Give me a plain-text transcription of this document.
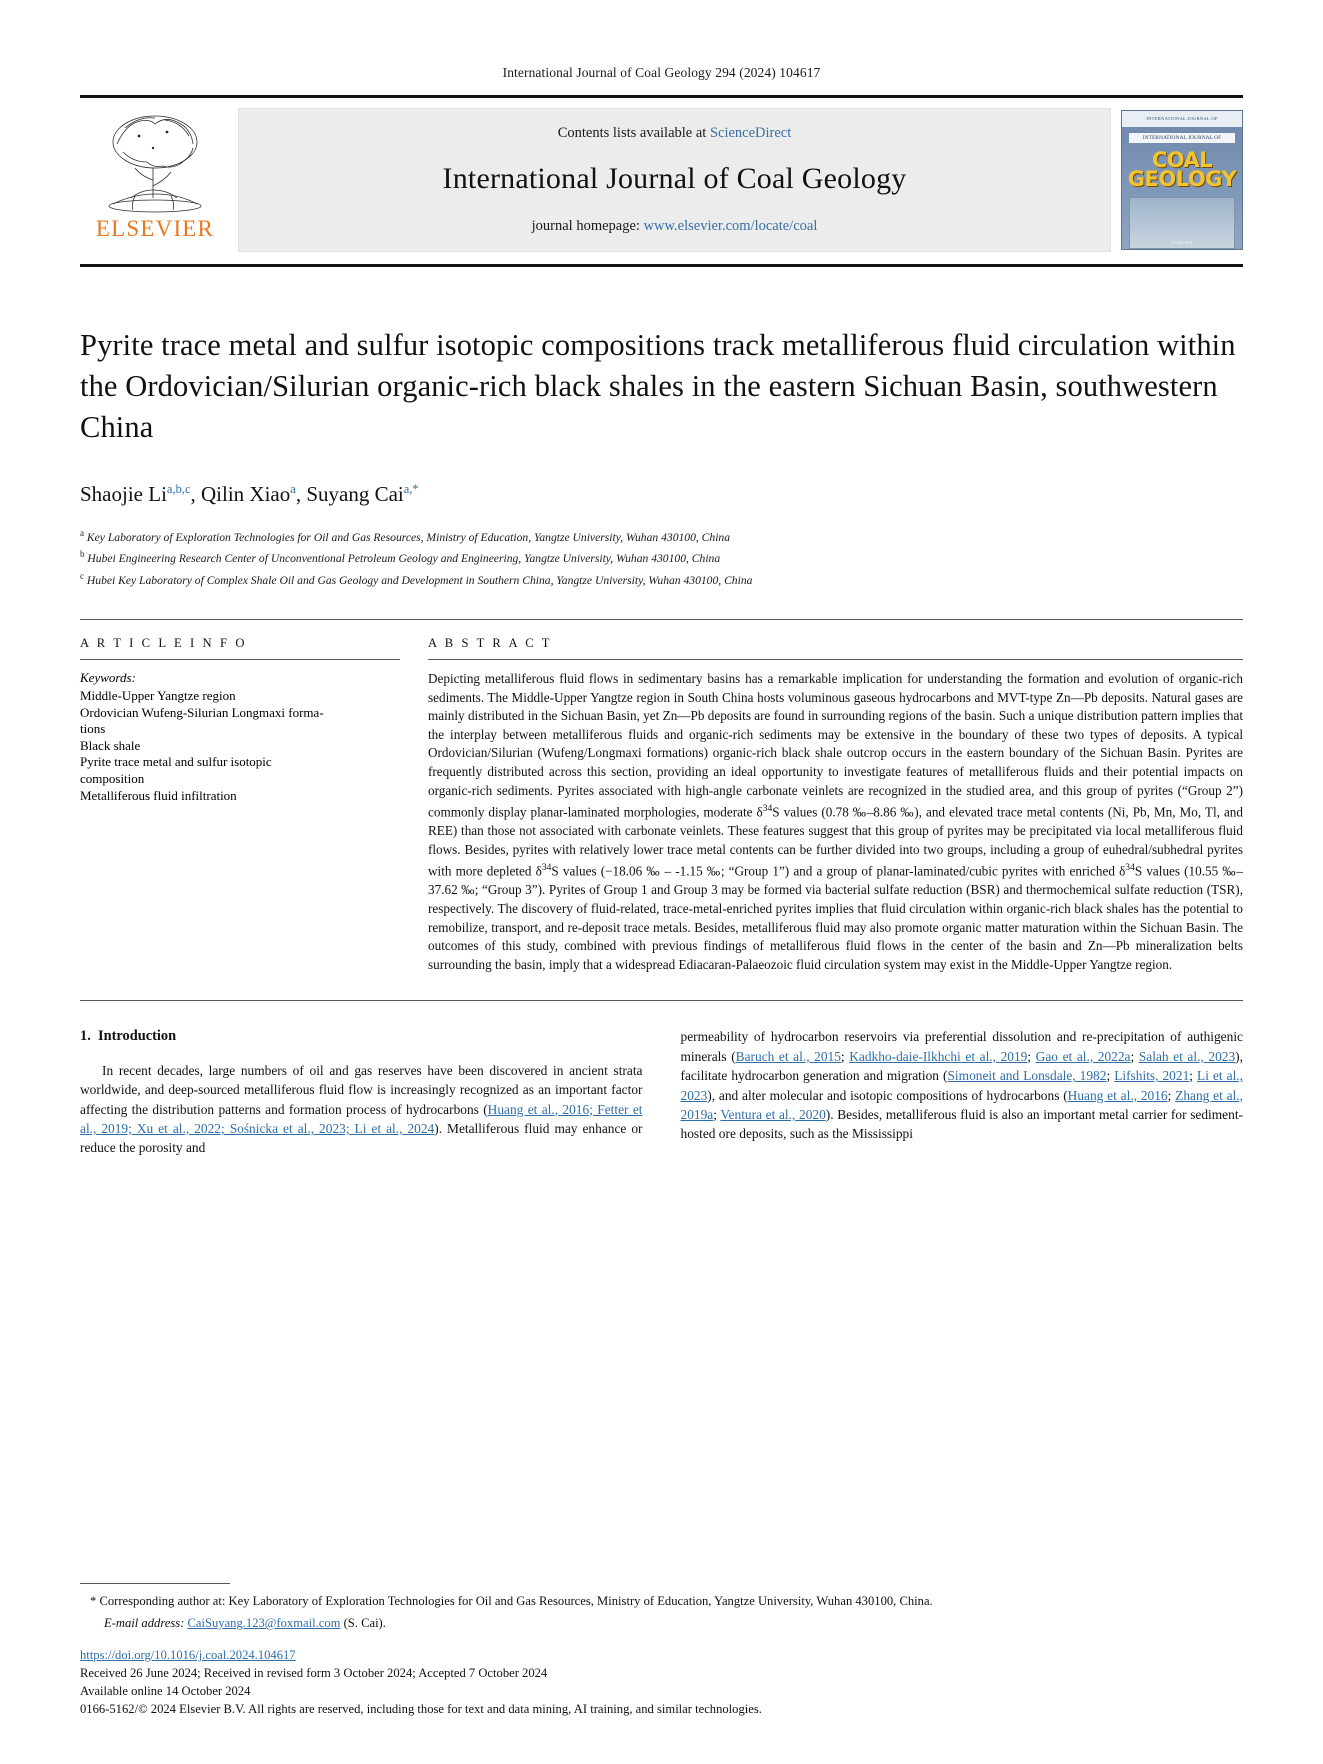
International Journal of Coal Geology 294 (2024) 104617
ELSEVIER
Contents lists available at ScienceDirect
International Journal of Coal Geology
journal homepage: www.elsevier.com/locate/coal
INTERNATIONAL JOURNAL OF
INTERNATIONAL JOURNAL OF
COAL
GEOLOGY
ELSEVIER
Pyrite trace metal and sulfur isotopic compositions track metalliferous fluid circulation within the Ordovician/Silurian organic-rich black shales in the eastern Sichuan Basin, southwestern China
Shaojie Li$^{a,b,c}$, Qilin Xiao$^a$, Suyang Cai$^{a,*}$
$^a$ Key Laboratory of Exploration Technologies for Oil and Gas Resources, Ministry of Education, Yangtze University, Wuhan 430100, China
$^b$ Hubei Engineering Research Center of Unconventional Petroleum Geology and Engineering, Yangtze University, Wuhan 430100, China
$^c$ Hubei Key Laboratory of Complex Shale Oil and Gas Geology and Development in Southern China, Yangtze University, Wuhan 430100, China
A R T I C L E I N F O
Keywords:
Middle-Upper Yangtze region
Ordovician Wufeng-Silurian Longmaxi forma-
tions
Black shale
Pyrite trace metal and sulfur isotopic
composition
Metalliferous fluid infiltration
A B S T R A C T
Depicting metalliferous fluid flows in sedimentary basins has a remarkable implication for understanding the formation and evolution of organic-rich sediments. The Middle-Upper Yangtze region in South China hosts voluminous gaseous hydrocarbons and MVT-type Zn—Pb deposits. Natural gases are mainly distributed in the Sichuan Basin, yet Zn—Pb deposits are found in surrounding regions of the basin. Such a unique distribution pattern implies that the interplay between metalliferous fluids and organic-rich sediments may be extensive in the boundary of these two types of deposits. A typical Ordovician/Silurian (Wufeng/Longmaxi formations) organic-rich black shale outcrop occurs in the eastern boundary of the Sichuan Basin. Pyrites are frequently distributed across this section, providing an ideal opportunity to investigate features of metalliferous fluids and their potential impacts on organic-rich sediments. Pyrites associated with high-angle carbonate veinlets are recognized in the studied area, and this group of pyrites (“Group 2”) commonly display planar-laminated morphologies, moderate $\delta^{34}S$ values (0.78 ‰–8.86 ‰), and elevated trace metal contents (Ni, Pb, Mn, Mo, Tl, and REE) than those not associated with carbonate veinlets. These features suggest that this group of pyrites may be precipitated via local metalliferous fluid flows. Besides, pyrites with relatively lower trace metal contents can be further divided into two groups, including a group of euhedral/subhedral pyrites with more depleted $\delta^{34}S$ values (−18.06 ‰ – -1.15 ‰; “Group 1”) and a group of planar-laminated/cubic pyrites with enriched $\delta^{34}S$ values (10.55 ‰–37.62 ‰; “Group 3”). Pyrites of Group 1 and Group 3 may be formed via bacterial sulfate reduction (BSR) and thermochemical sulfate reduction (TSR), respectively. The discovery of fluid-related, trace-metal-enriched pyrites implies that fluid circulation within organic-rich black shales has the potential to remobilize, transport, and re-deposit trace metals. Besides, metalliferous fluid may also promote organic matter maturation within the Sichuan Basin. The outcomes of this study, combined with previous findings of metalliferous fluid flows in the center of the basin and Zn—Pb mineralization belts surrounding the basin, imply that a widespread Ediacaran-Palaeozoic fluid circulation system may exist in the Middle-Upper Yangtze region.
1. Introduction

In recent decades, large numbers of oil and gas reserves have been discovered in ancient strata worldwide, and deep-sourced metalliferous fluid flow is increasingly recognized as an important factor affecting the distribution patterns and formation process of hydrocarbons (Huang et al., 2016; Fetter et al., 2019; Xu et al., 2022; Sośnicka et al., 2023; Li et al., 2024). Metalliferous fluid may enhance or reduce the porosity and

permeability of hydrocarbon reservoirs via preferential dissolution and re-precipitation of authigenic minerals (Baruch et al., 2015; Kadkho-daie-Ilkhchi et al., 2019; Gao et al., 2022a; Salah et al., 2023), facilitate hydrocarbon generation and migration (Simoneit and Lonsdale, 1982; Lifshits, 2021; Li et al., 2023), and alter molecular and isotopic compositions of hydrocarbons (Huang et al., 2016; Zhang et al., 2019a; Ventura et al., 2020). Besides, metalliferous fluid is also an important metal carrier for sediment-hosted ore deposits, such as the Mississippi

* Corresponding author at: Key Laboratory of Exploration Technologies for Oil and Gas Resources, Ministry of Education, Yangtze University, Wuhan 430100, China.
E-mail address: CaiSuyang.123@foxmail.com (S. Cai).
https://doi.org/10.1016/j.coal.2024.104617
Received 26 June 2024; Received in revised form 3 October 2024; Accepted 7 October 2024
Available online 14 October 2024
0166-5162/© 2024 Elsevier B.V. All rights are reserved, including those for text and data mining, AI training, and similar technologies.
